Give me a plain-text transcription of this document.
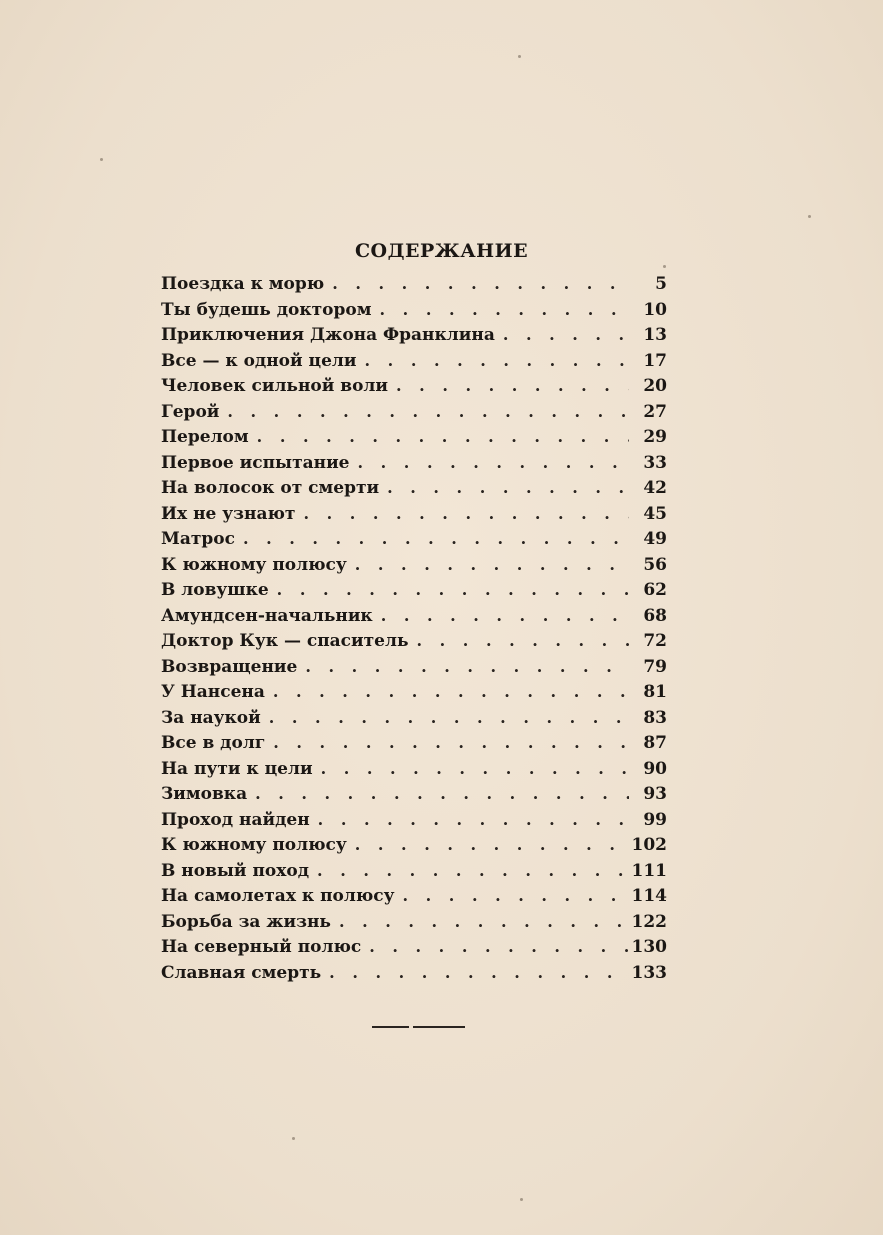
СОДЕРЖАНИЕ
Поездка к морю . . .	5
Ты будешь доктором . . .	10
Приключения Джона Франклина . . .	13
Все — к одной цели . . .	17
Человек сильной воли . . .	20
Герой . . .	27
Перелом . . .	29
Первое испытание . . .	33
На волосок от смерти . . .	42
Их не узнают . . .	45
Матрос . . .	49
К южному полюсу . . .	56
В ловушке . . .	62
Амундсен-начальник . . .	68
Доктор Кук — спаситель . . .	72
Возвращение . . .	79
У Нансена . . .	81
За наукой . . .	83
Все в долг . . .	87
На пути к цели . . .	90
Зимовка . . .	93
Проход найден . . .	99
К южному полюсу . . .	102
В новый поход . . .	111
На самолетах к полюсу . . .	114
Борьба за жизнь . . .	122
На северный полюс . . .	130
Славная смерть . . .	133
